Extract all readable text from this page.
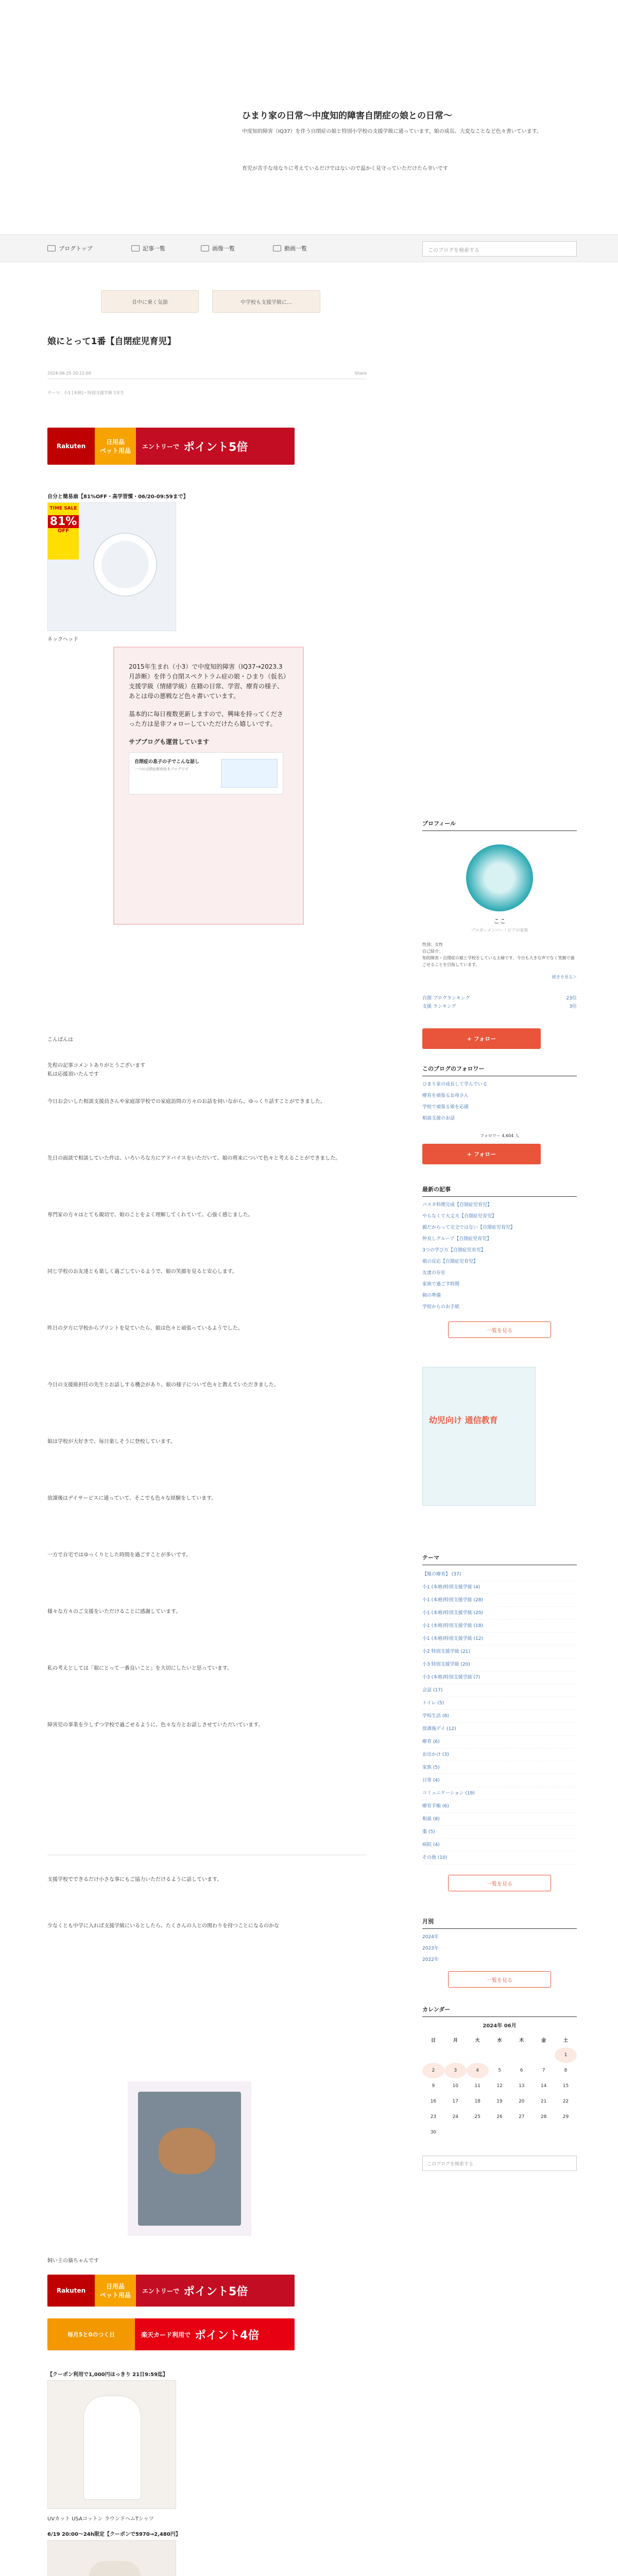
ひまり家の日常〜中度知的障害自閉症の娘との日常〜
中度知的障害（IQ37）を伴う自閉症の娘と特別小学校の支援学級に通っています。娘の成長、大変なことなど色々書いています。
育児が苦手な母なりに考えているだけではないので温かく見守っていただけたら幸いです
ブログトップ	記事一覧	画像一覧	動画一覧	このブログを検索する
昔中に乗く気節	中学校も支援学級に…
娘にとって1番【自閉症児育児】
2024-06-25 20:22:00	Share
テーマ：小1 [本格]〜特別支援学級 1年生
Rakuten
日用品
ペット用品
エントリーで ポイント5倍
自分と簡易扇【81%OFF・高学習慣・06/20-09:59まで】
TIME SALE
81%
OFF
ネックヘッド

2015年生まれ（小3）で中度知的障害（IQ37→2023.3月診断）を伴う自閉スペクトラム症の娘・ひまり（仮名）支援学級（情緒学級）在籍の日常、学習、療育の様子、あとは母の悪戦など色々書いています。

基本的に毎日複数更新しますので、興味を持ってくださった方は是非フォローしていただけたら嬉しいです。

サブブログも運営しています
自閉症の息子の子でこんな話し
一つの自閉症療育絵本ブログです
こんばんは
先程の記事コメントありがとうございます
私は応援頂いたんです
今日お会いした相談支援員さんや家庭部学校での家庭訪問の方々のお話を伺いながら、ゆっくり話すことができました。
先日の面談で相談していた件は、いろいろな方にアドバイスをいただいて、娘の将来について色々と考えることができました。
専門家の方々はとても親切で、娘のことをよく理解してくれていて、心強く感じました。
同じ学校のお友達とも楽しく過ごしているようで、娘の笑顔を見ると安心します。
昨日の夕方に学校からプリントを見ていたら、娘は色々と頑張っているようでした。
今日の支援級担任の先生とお話しする機会があり、娘の様子について色々と教えていただきました。
娘は学校が大好きで、毎日楽しそうに登校しています。
放課後はデイサービスに通っていて、そこでも色々な経験をしています。
一方で自宅ではゆっくりとした時間を過ごすことが多いです。
様々な方々のご支援をいただけることに感謝しています。
私の考えとしては「娘にとって一番良いこと」を大切にしたいと思っています。
障害児の事業を少しずつ学校で過ごせるように、色々な方とお話しさせていただいています。
支援学校でできるだけ小さな事にもご協力いただけるように話しています。
少なくとも中学に入れば支援学級にいるとしたら、たくさんの人との関わりを持つことになるのかな
飼い主の猫ちゃんです
Rakuten
日用品
ペット用品
エントリーで ポイント5倍
毎月5と0のつく日	楽天カード利用で ポイント4倍
【クーポン利用で1,000円ほっきり 21日9:59迄】
UVカット USAコットン ラウンドヘムTシャツ
6/19 20:00〜24h限定【クーポンで5970→2,480円】
プロフィール
ここ
ブロガーメンバー・ピアの家族
性別：女性
自己紹介：
知的障害・自閉症の娘と学校をしている主婦です。今日も大きな声でなく笑顔で過ごせることを目指しています。
続きを見る＞
自閉 ブログランキング	23位
支援 ランキング	3位
+ フォロー
このブログのフォロワー
ひまり家の成長して学んでいる
療育を頑張るお母さん
学校で頑張る娘を応援
相談支援のお話
フォロワー 4,604 人
+ フォロー
最新の記事
パスタ料理完成【自閉症児育児】
やらなくて大丈夫【自閉症児育児】
親だからって完全ではない【自閉症児育児】
仲良しグループ【自閉症児育児】
3つの学び方【自閉症児育児】
娘の反応【自閉症児育児】
友達の存在
家族で過ごす時間
朝の準備
学校からのお手紙
一覧を見る
幼児向け 通信教育
テーマ
【娘の療育】 (37)
小1 (本格)特別支援学級 (4)
小1 (本格)特別支援学級 (28)
小1 (本格)特別支援学級 (20)
小1 (本格)特別支援学級 (18)
小1 (本格)特別支援学級 (12)
小2 特別支援学級 (21)
小3 特別支援学級 (20)
小3 (本格)特別支援学級 (7)
会話 (17)
トイレ (5)
学校生活 (8)
放課後デイ (12)
療育 (6)
お出かけ (3)
家族 (5)
日常 (4)
コミュニケーション (19)
療育手帳 (6)
相談 (8)
薬 (5)
病院 (4)
その他 (10)
一覧を見る
月別
2024年
2023年
2022年
一覧を見る
カレンダー
2024年 06月
日	月	火	水	木	金	土
						1
2	3	4	5	6	7	8
9	10	11	12	13	14	15
16	17	18	19	20	21	22
23	24	25	26	27	28	29
30						
このブログを検索する
